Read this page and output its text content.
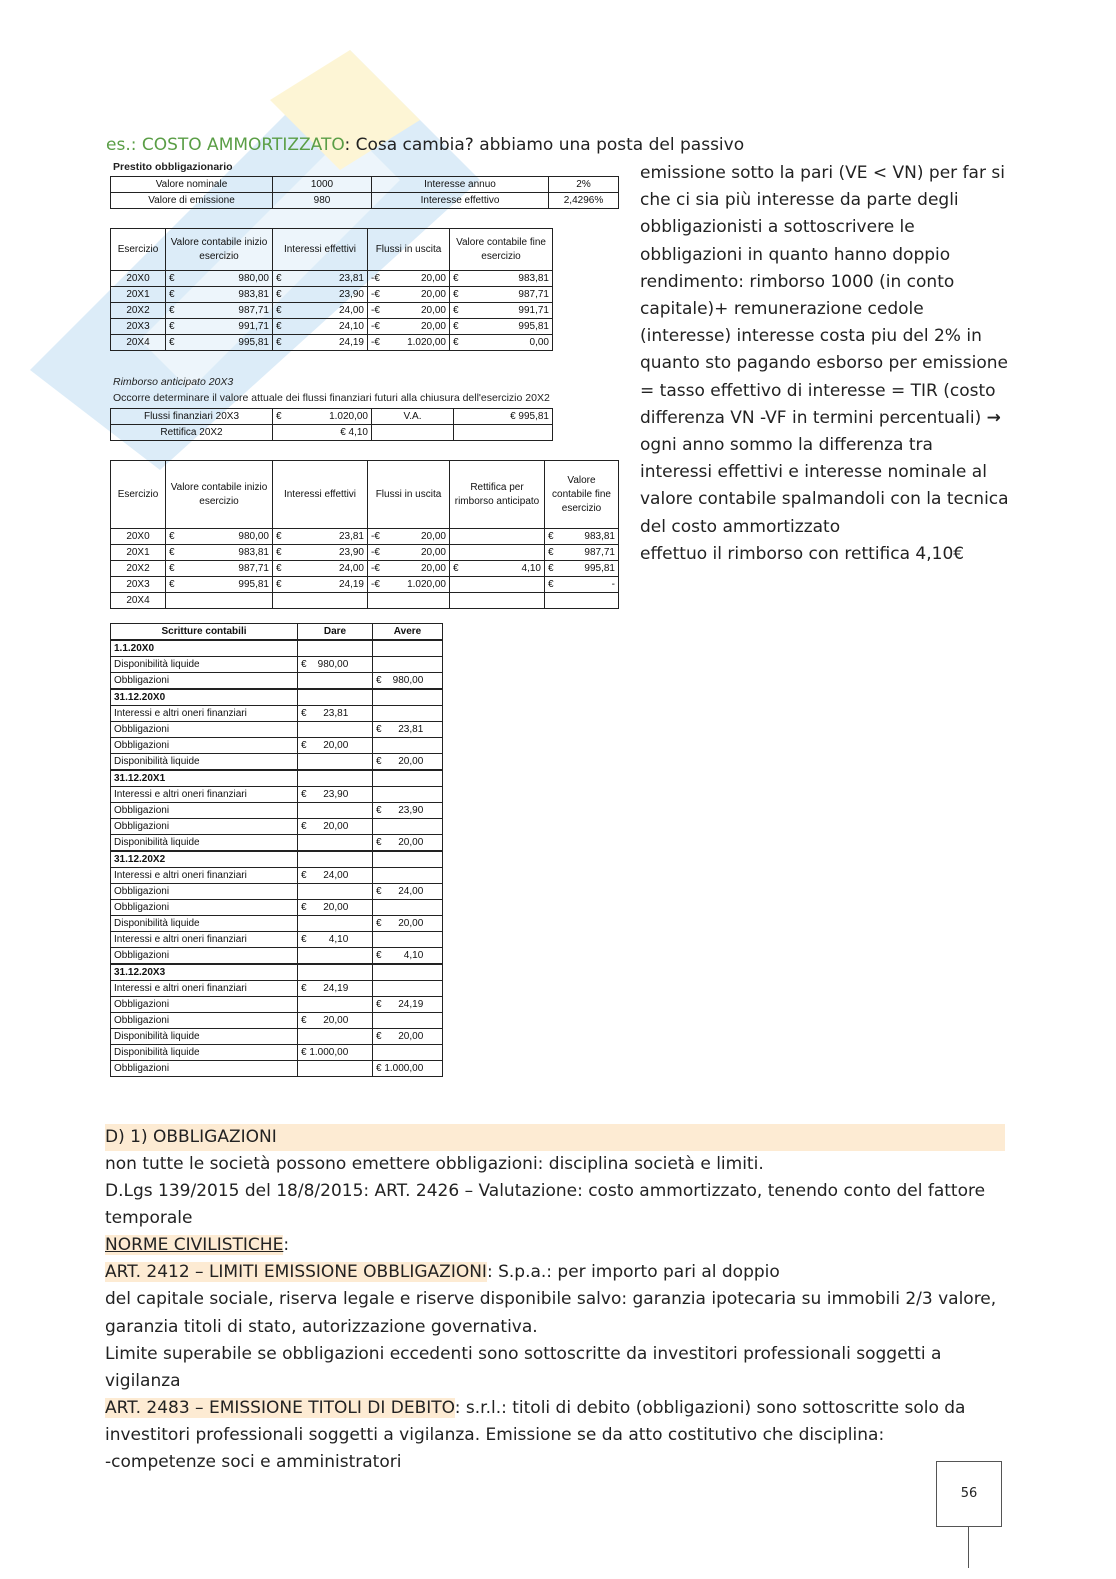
es.: COSTO AMMORTIZZATO: Cosa cambia? abbiamo una posta del passivo
Prestito obbligazionario
Valore nominale	1000	Interesse annuo	2%
Valore di emissione	980	Interesse effettivo	2,4296%
Esercizio	Valore contabile inizio esercizio	Interessi effettivi	Flussi in uscita	Valore contabile fine esercizio
20X0	€ 980,00	€ 23,81	-€ 20,00	€ 983,81

20X1	€ 983,81	€ 23,90	-€ 20,00	€ 987,71

20X2	€ 987,71	€ 24,00	-€ 20,00	€ 991,71

20X3	€ 991,71	€ 24,10	-€ 20,00	€ 995,81

20X4	€ 995,81	€ 24,19	-€ 1.020,00	€ 0,00
Rimborso anticipato 20X3
Occorre determinare il valore attuale dei flussi finanziari futuri alla chiusura dell'esercizio 20X2
Flussi finanziari 20X3	€ 1.020,00	V.A.	€ 995,81
Rettifica 20X2	€ 4,10		
Esercizio	Valore contabile inizio esercizio	Interessi effettivi	Flussi in uscita	Rettifica per rimborso anticipato	Valore contabile fine esercizio
20X0	€ 980,00	€ 23,81	-€ 20,00		€ 983,81

20X1	€ 983,81	€ 23,90	-€ 20,00		€ 987,71

20X2	€ 987,71	€ 24,00	-€ 20,00	€ 4,10	€ 995,81

20X3	€ 995,81	€ 24,19	-€ 1.020,00		€ -

20X4					
Scritture contabili	Dare	Avere
1.1.20X0		
Disponibilità liquide	€    980,00	
Obbligazioni		€    980,00
31.12.20X0		
Interessi e altri oneri finanziari	€      23,81	
Obbligazioni		€      23,81
Obbligazioni	€      20,00	
Disponibilità liquide		€      20,00
31.12.20X1		
Interessi e altri oneri finanziari	€      23,90	
Obbligazioni		€      23,90
Obbligazioni	€      20,00	
Disponibilità liquide		€      20,00
31.12.20X2		
Interessi e altri oneri finanziari	€      24,00	
Obbligazioni		€      24,00
Obbligazioni	€      20,00	
Disponibilità liquide		€      20,00
Interessi e altri oneri finanziari	€        4,10	
Obbligazioni		€        4,10
31.12.20X3		
Interessi e altri oneri finanziari	€      24,19	
Obbligazioni		€      24,19
Obbligazioni	€      20,00	
Disponibilità liquide		€      20,00
Disponibilità liquide	€ 1.000,00	
Obbligazioni		€ 1.000,00

emissione sotto la pari (VE < VN) per far si che ci sia più interesse da parte degli obbligazionisti a sottoscrivere le obbligazioni in quanto hanno doppio rendimento: rimborso 1000 (in conto capitale)+ remunerazione cedole (interesse) interesse costa piu del 2% in quanto sto pagando esborso per emissione = tasso effettivo di interesse = TIR (costo differenza VN -VF in termini percentuali) → ogni anno sommo la differenza tra interessi effettivi e interesse nominale al valore contabile spalmandoli con la tecnica del costo ammortizzato

effettuo il rimborso con rettifica 4,10€

D) 1) OBBLIGAZIONI

non tutte le società possono emettere obbligazioni: disciplina società e limiti.

D.Lgs 139/2015 del 18/8/2015: ART. 2426 – Valutazione: costo ammortizzato, tenendo conto del fattore temporale

NORME CIVILISTICHE:

ART. 2412 – LIMITI EMISSIONE OBBLIGAZIONI: S.p.a.: per importo pari al doppio

del capitale sociale, riserva legale e riserve disponibile salvo: garanzia ipotecaria su immobili 2/3 valore, garanzia titoli di stato, autorizzazione governativa.

Limite superabile se obbligazioni eccedenti sono sottoscritte da investitori professionali soggetti a vigilanza

ART. 2483 – EMISSIONE TITOLI DI DEBITO: s.r.l.: titoli di debito (obbligazioni) sono sottoscritte solo da investitori professionali soggetti a vigilanza. Emissione se da atto costitutivo che disciplina:

-competenze soci e amministratori

56
